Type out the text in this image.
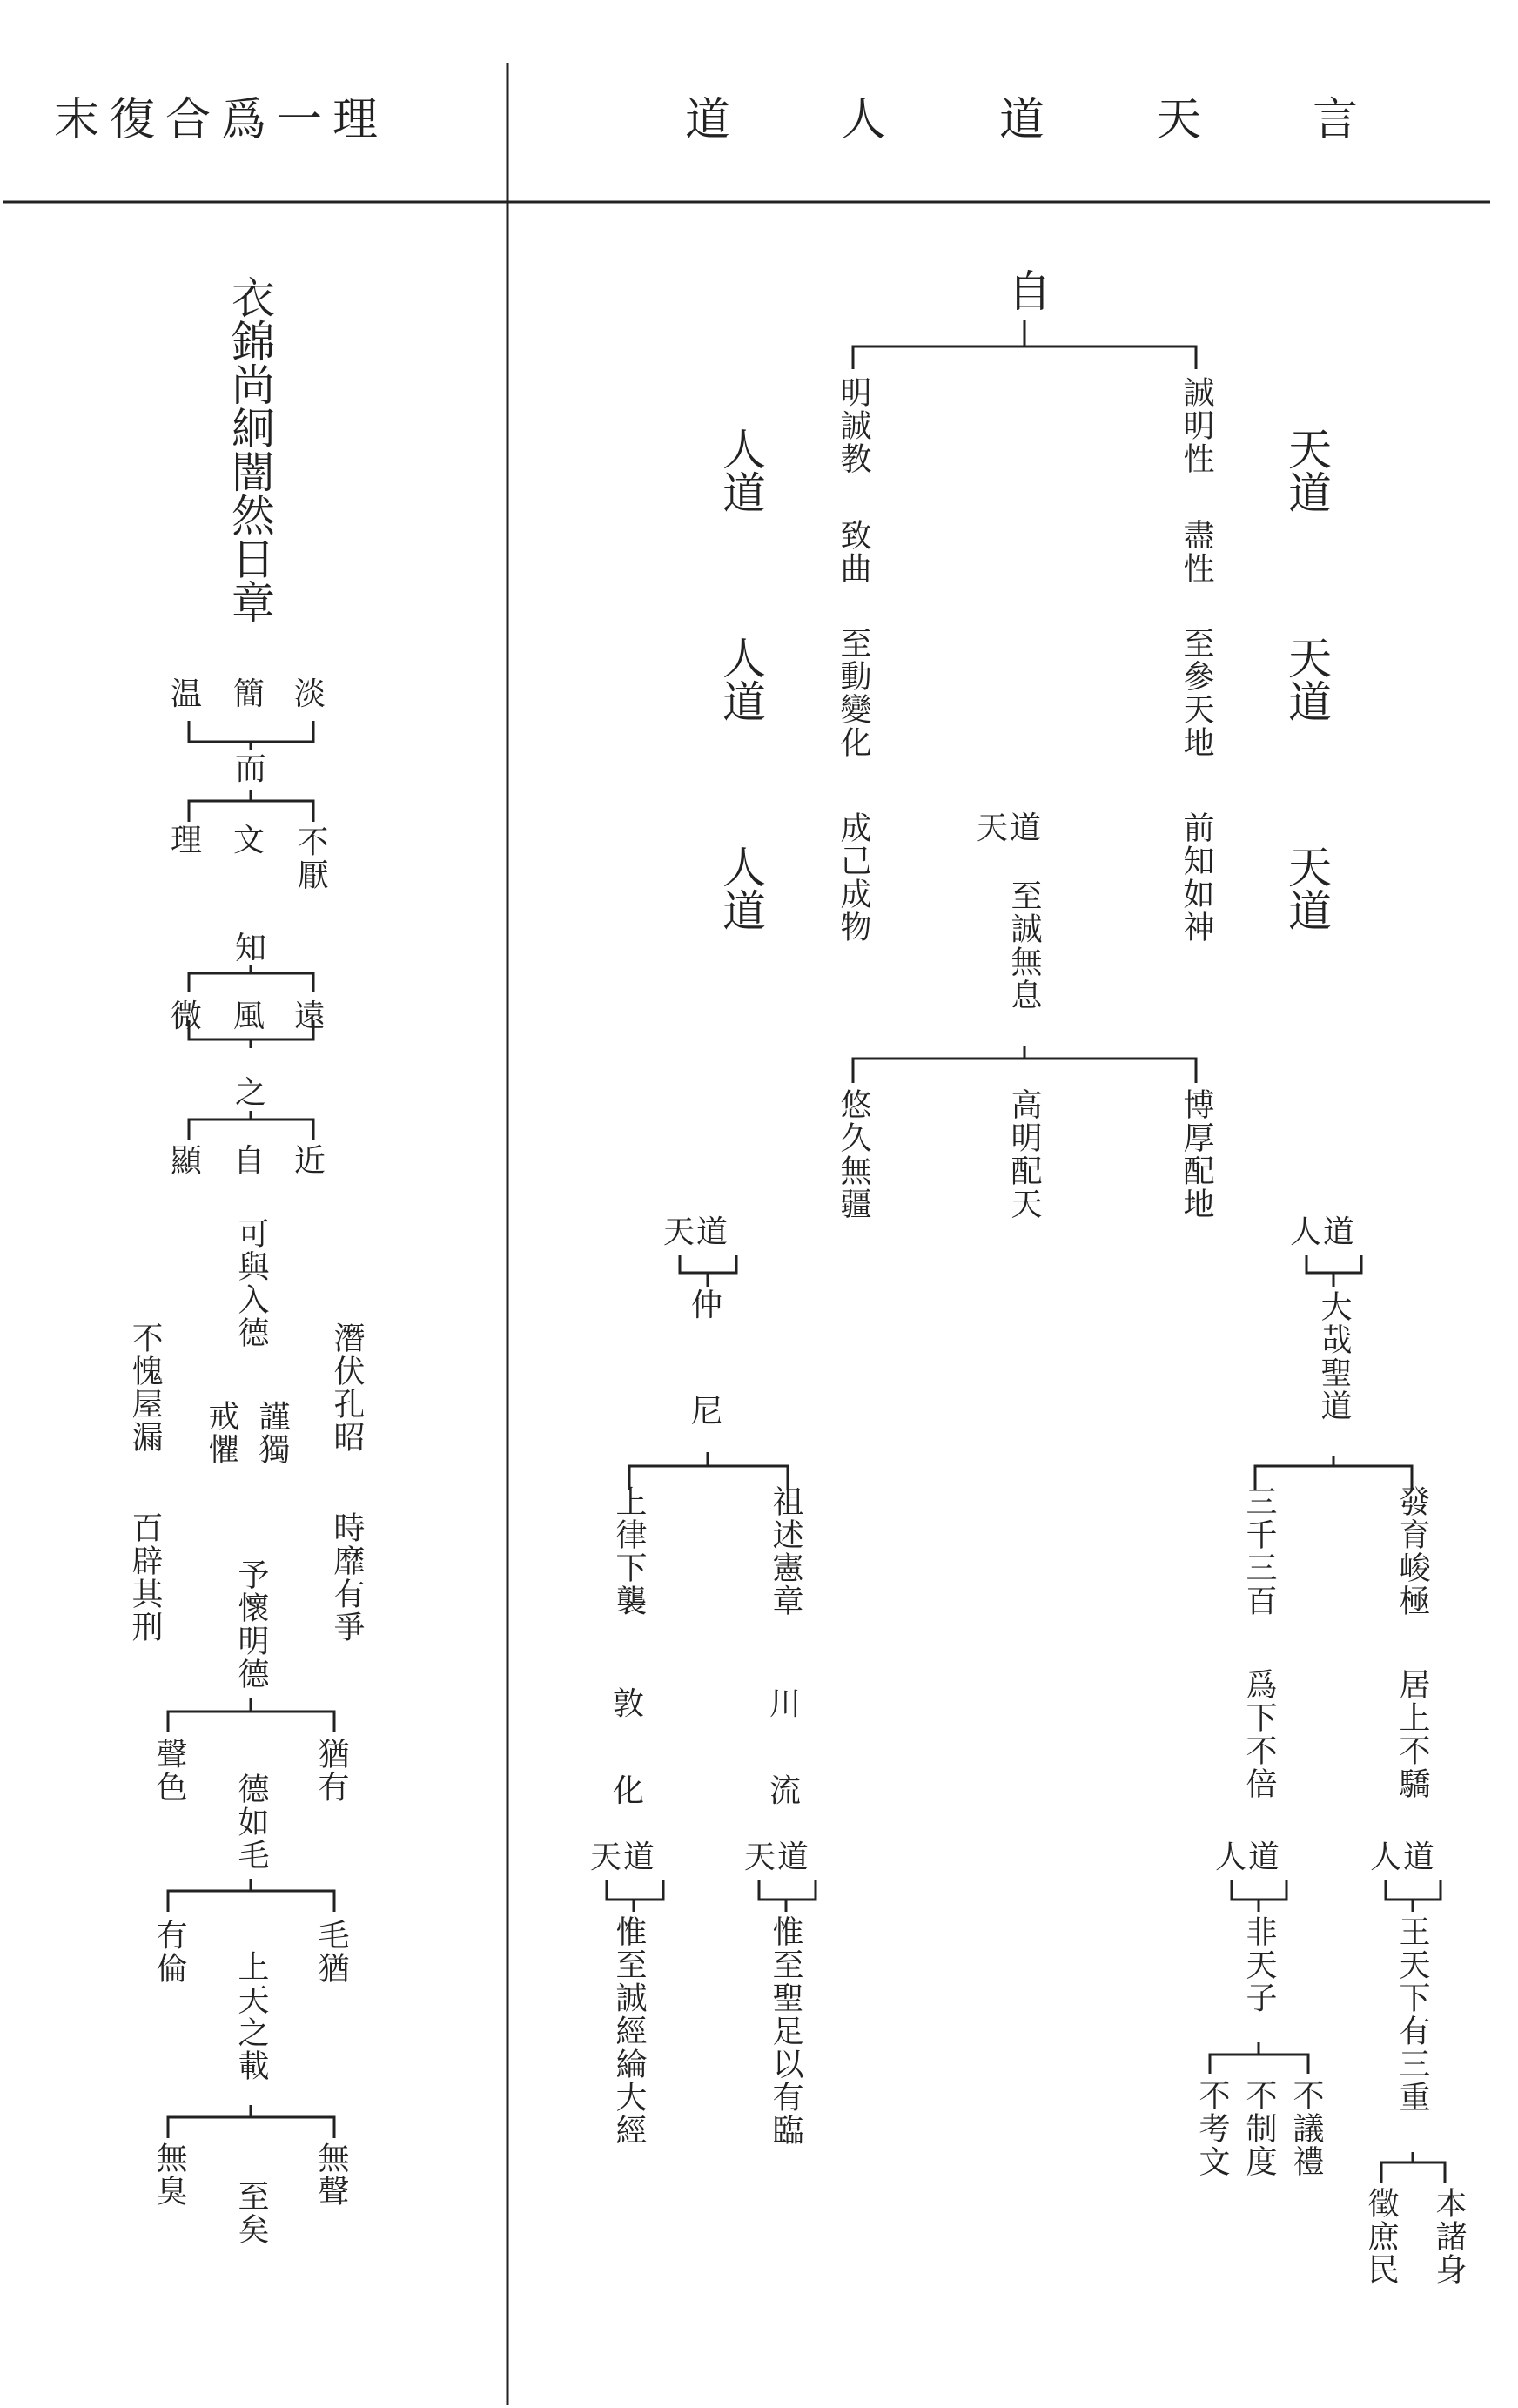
末復合爲一理	道 人 道 天 言
衣錦尚絅闇然日章
温 簡 淡
而
理 文 不厭
知
微 風 遠
之
顯 自 近
可與入德
潛伏孔昭
不愧屋漏	謹獨
戒懼
時靡有爭
百辟其刑 予懷明德
猶有
聲色
德如毛
毛猶
有倫 上天之載
無聲
無臭
至矣
自
誠明性
盡性
至參天地
前知如神
明誠教
致曲
至動變化
成己成物
天道
天道
天道
人道
人道
人道
天道
至誠無息
博厚配地
高明配天
悠久無疆
天道
仲
尼
祖述憲章
上律下襲
川
流
敦
化
天道
天道
惟至聖足以有臨
惟至誠經綸大經
人道
大哉聖道
發育峻極
三千三百
居上不驕
爲下不倍
人道
人道
王天下有三重
非天子
不議禮
不制度
不考文
本諸身
徵庶民
